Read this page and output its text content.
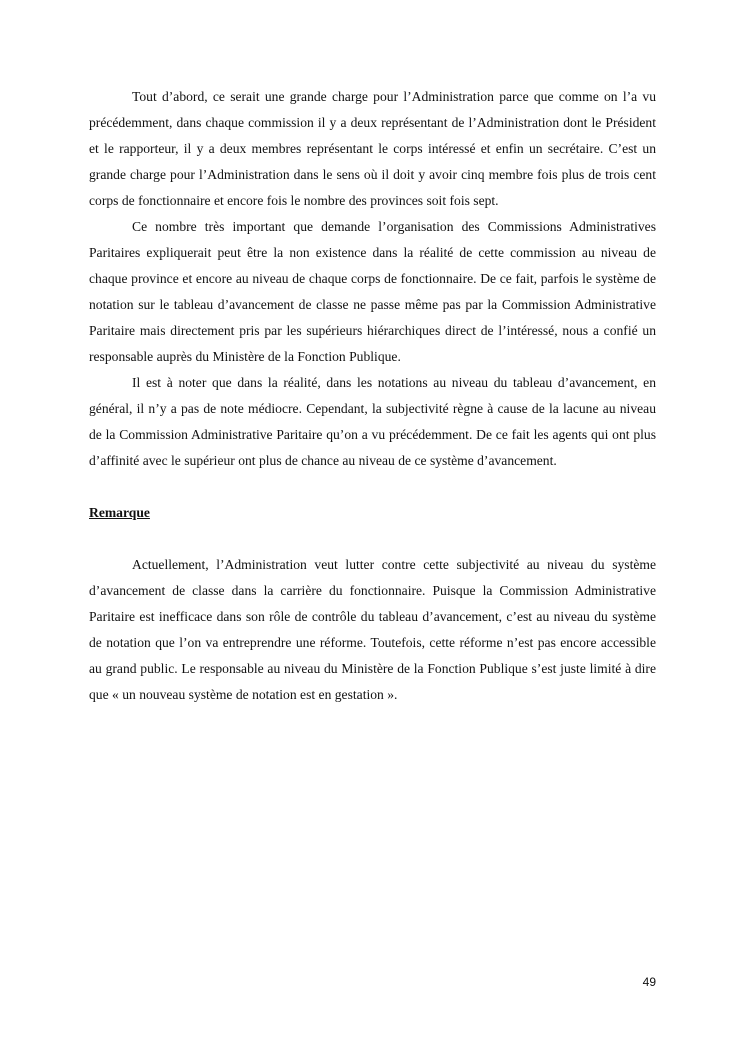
Tout d’abord, ce serait une grande charge pour l’Administration parce que comme on l’a vu précédemment, dans chaque commission il y a deux représentant de l’Administration dont le Président et le rapporteur, il y a deux membres représentant le corps intéressé et enfin un secrétaire. C’est un grande charge pour l’Administration dans le sens où il doit y avoir cinq membre fois plus de trois cent corps de fonctionnaire et encore fois le nombre des provinces soit fois sept.

Ce nombre très important que demande l’organisation des Commissions Administratives Paritaires expliquerait peut être la non existence dans la réalité de cette commission au niveau de chaque province et encore au niveau de chaque corps de fonctionnaire. De ce fait, parfois le système de notation sur le tableau d’avancement de classe ne passe même pas par la Commission Administrative Paritaire mais directement pris par les supérieurs hiérarchiques direct de l’intéressé, nous a confié un responsable auprès du Ministère de la Fonction Publique.

Il est à noter que dans la réalité, dans les notations au niveau du tableau d’avancement, en général, il n’y a pas de note médiocre. Cependant, la subjectivité règne à cause de la lacune au niveau de la Commission Administrative Paritaire qu’on a vu précédemment. De ce fait les agents qui ont plus d’affinité avec le supérieur ont plus de chance au niveau de ce système d’avancement.

Remarque

Actuellement, l’Administration veut lutter contre cette subjectivité au niveau du système d’avancement de classe dans la carrière du fonctionnaire. Puisque la Commission Administrative Paritaire est inefficace dans son rôle de contrôle du tableau d’avancement, c’est au niveau du système de notation que l’on va entreprendre une réforme. Toutefois, cette réforme n’est pas encore accessible au grand public. Le responsable au niveau du Ministère de la Fonction Publique s’est juste limité à dire que « un nouveau système de notation est en gestation ».

49
